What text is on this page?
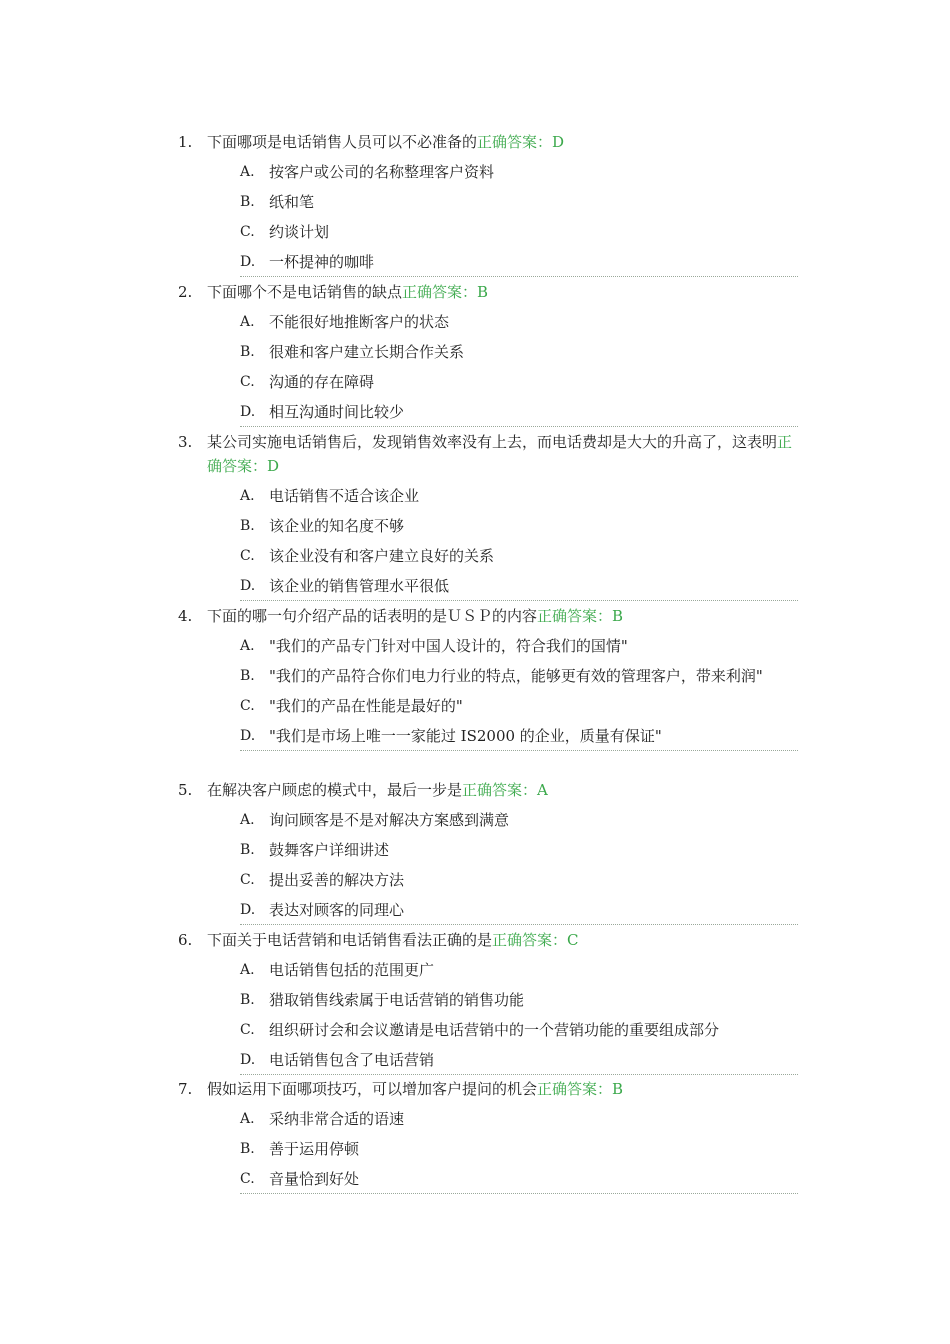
1. 下面哪项是电话销售人员可以不必准备的正确答案：D
A. 按客户或公司的名称整理客户资料
B. 纸和笔
C. 约谈计划
D. 一杯提神的咖啡
2. 下面哪个不是电话销售的缺点正确答案：B
A. 不能很好地推断客户的状态
B. 很难和客户建立长期合作关系
C. 沟通的存在障碍
D. 相互沟通时间比较少
3. 某公司实施电话销售后，发现销售效率没有上去，而电话费却是大大的升高了，这表明正确答案：D
A. 电话销售不适合该企业
B. 该企业的知名度不够
C. 该企业没有和客户建立良好的关系
D. 该企业的销售管理水平很低
4. 下面的哪一句介绍产品的话表明的是ＵＳＰ的内容正确答案：B
A. "我们的产品专门针对中国人设计的，符合我们的国情"
B. "我们的产品符合你们电力行业的特点，能够更有效的管理客户，带来利润"
C. "我们的产品在性能是最好的"
D. "我们是市场上唯一一家能过 IS2000 的企业，质量有保证"
5. 在解决客户顾虑的模式中，最后一步是正确答案：A
A. 询问顾客是不是对解决方案感到满意
B. 鼓舞客户详细讲述
C. 提出妥善的解决方法
D. 表达对顾客的同理心
6. 下面关于电话营销和电话销售看法正确的是正确答案：C
A. 电话销售包括的范围更广
B. 猎取销售线索属于电话营销的销售功能
C. 组织研讨会和会议邀请是电话营销中的一个营销功能的重要组成部分
D. 电话销售包含了电话营销
7. 假如运用下面哪项技巧，可以增加客户提问的机会正确答案：B
A. 采纳非常合适的语速
B. 善于运用停顿
C. 音量恰到好处
